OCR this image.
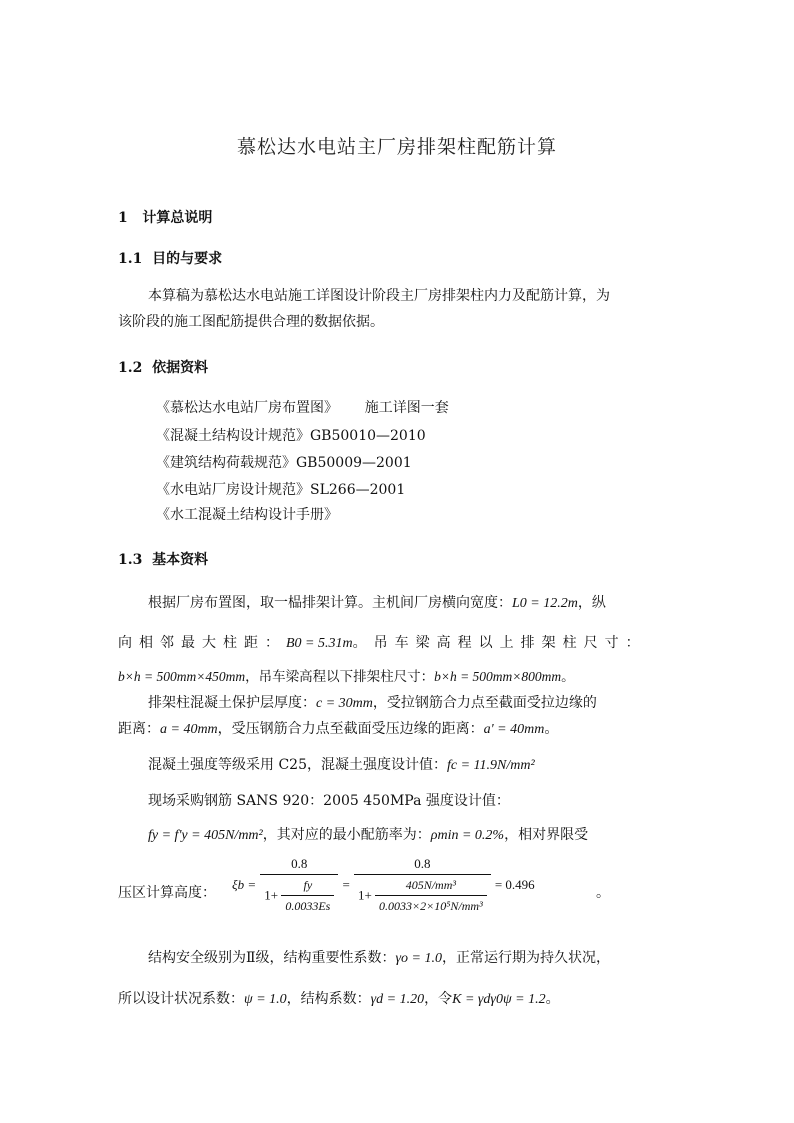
慕松达水电站主厂房排架柱配筋计算
1 计算总说明
1.1 目的与要求
本算稿为慕松达水电站施工详图设计阶段主厂房排架柱内力及配筋计算，为
该阶段的施工图配筋提供合理的数据依据。
1.2 依据资料
《慕松达水电站厂房布置图》 施工详图一套
《混凝土结构设计规范》GB50010—2010
《建筑结构荷载规范》GB50009—2001
《水电站厂房设计规范》SL266—2001
《水工混凝土结构设计手册》
1.3 基本资料
根据厂房布置图，取一榀排架计算。主机间厂房横向宽度：L0 = 12.2m，纵
向相邻最大柱距：B0 = 5.31m。吊车梁高程以上排架柱尺寸：
b×h = 500mm×450mm，吊车梁高程以下排架柱尺寸：b×h = 500mm×800mm。
排架柱混凝土保护层厚度：c = 30mm，受拉钢筋合力点至截面受拉边缘的
距离：a = 40mm，受压钢筋合力点至截面受压边缘的距离：a' = 40mm。
混凝土强度等级采用 C25，混凝土强度设计值：fc = 11.9N/mm²
现场采购钢筋 SANS 920：2005 450MPa 强度设计值：
fy = f'y = 405N/mm²，其对应的最小配筋率为：ρmin = 0.2%，相对界限受
压区计算高度：
$\xi b = \frac{0.8}{1+ \frac{fy}{0.0033Es}} = \frac{0.8}{1+ \frac{\text{405N/mm³}}{\text{0.0033×2×10⁵N/mm³}}} = 0.496$
。
结构安全级别为Ⅱ级，结构重要性系数：γo = 1.0，正常运行期为持久状况，
所以设计状况系数：ψ = 1.0，结构系数：γd = 1.20，令K = γdγ0ψ = 1.2。
